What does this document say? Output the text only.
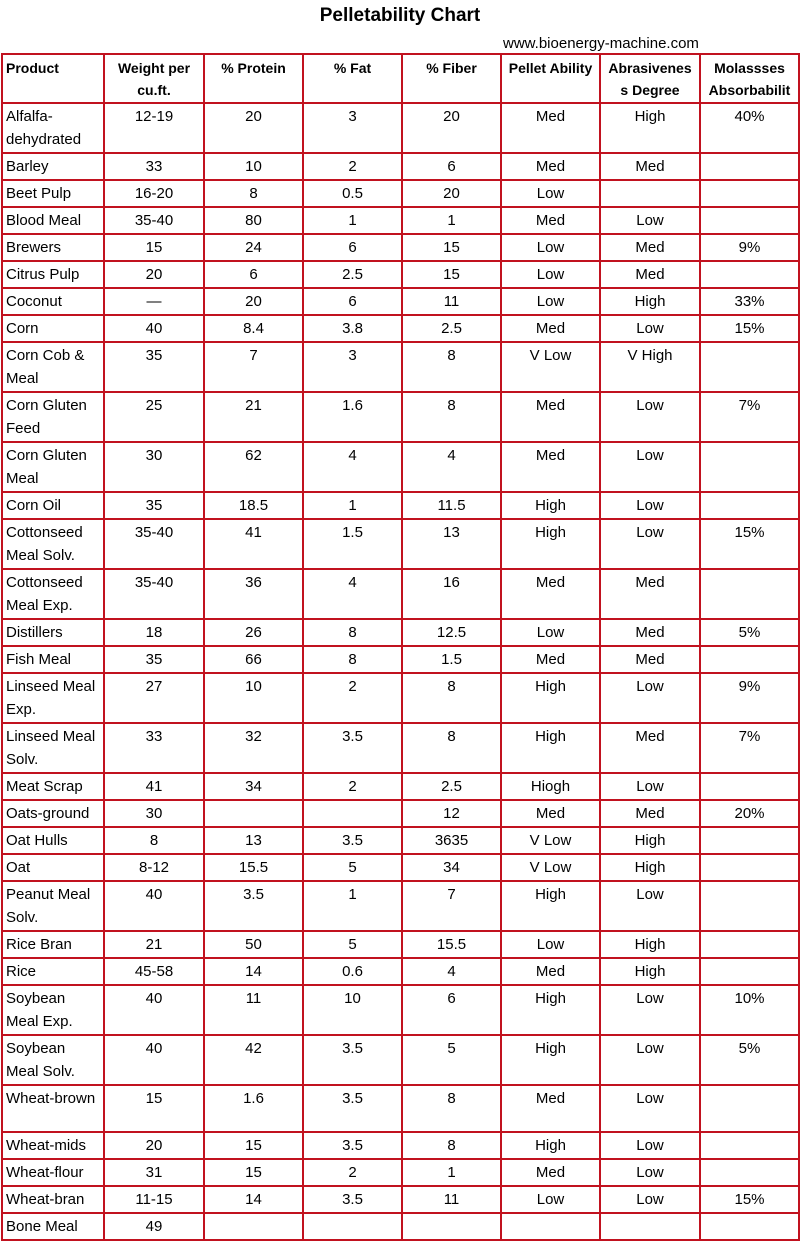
Pelletability Chart
www.bioenergy-machine.com
Product	Weight per cu.ft.	% Protein	% Fat	% Fiber	Pellet Ability	Abrasivenes s Degree	Molassses Absorbabilit
Alfalfa-dehydrated	12-19	20	3	20	Med	High	40%
Barley	33	10	2	6	Med	Med	
Beet Pulp	16-20	8	0.5	20	Low		
Blood Meal	35-40	80	1	1	Med	Low	
Brewers	15	24	6	15	Low	Med	9%
Citrus Pulp	20	6	2.5	15	Low	Med	
Coconut	—	20	6	11	Low	High	33%
Corn	40	8.4	3.8	2.5	Med	Low	15%
Corn Cob & Meal	35	7	3	8	V Low	V High	
Corn Gluten Feed	25	21	1.6	8	Med	Low	7%
Corn Gluten Meal	30	62	4	4	Med	Low	
Corn Oil	35	18.5	1	11.5	High	Low	
Cottonseed Meal Solv.	35-40	41	1.5	13	High	Low	15%
Cottonseed Meal Exp.	35-40	36	4	16	Med	Med	
Distillers	18	26	8	12.5	Low	Med	5%
Fish Meal	35	66	8	1.5	Med	Med	
Linseed Meal Exp.	27	10	2	8	High	Low	9%
Linseed Meal Solv.	33	32	3.5	8	High	Med	7%
Meat Scrap	41	34	2	2.5	Hiogh	Low	
Oats-ground	30			12	Med	Med	20%
Oat Hulls	8	13	3.5	3635	V Low	High	
Oat	8-12	15.5	5	34	V Low	High	
Peanut Meal Solv.	40	3.5	1	7	High	Low	
Rice Bran	21	50	5	15.5	Low	High	
Rice	45-58	14	0.6	4	Med	High	
Soybean Meal Exp.	40	11	10	6	High	Low	10%
Soybean Meal Solv.	40	42	3.5	5	High	Low	5%
Wheat-brown	15	1.6	3.5	8	Med	Low	
Wheat-mids	20	15	3.5	8	High	Low	
Wheat-flour	31	15	2	1	Med	Low	
Wheat-bran	11-15	14	3.5	11	Low	Low	15%
Bone Meal	49						
